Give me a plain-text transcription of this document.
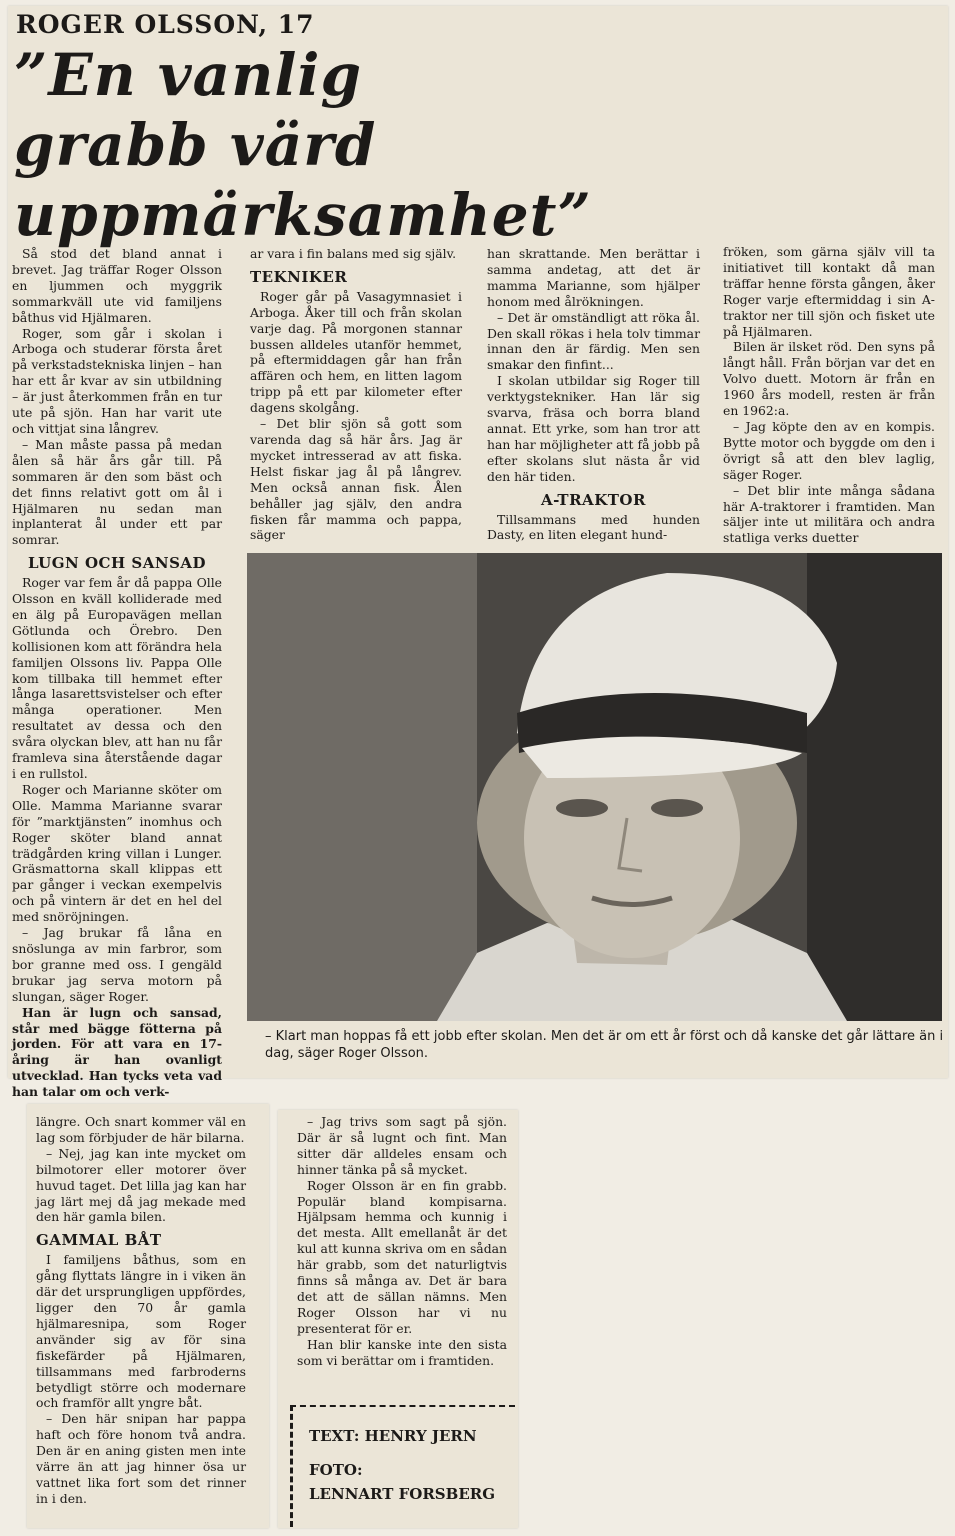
ROGER OLSSON, 17
”En vanlig
grabb värd
uppmärksamhet”

Så stod det bland annat i brevet. Jag träffar Roger Olsson en ljummen och myggrik sommarkväll ute vid familjens båthus vid Hjälmaren.

Roger, som går i skolan i Arboga och studerar första året på verkstadstekniska linjen – han har ett år kvar av sin utbildning – är just återkommen från en tur ute på sjön. Han har varit ute och vittjat sina långrev.

– Man måste passa på medan ålen så här års går till. På sommaren är den som bäst och det finns relativt gott om ål i Hjälmaren nu sedan man inplanterat ål under ett par somrar.

LUGN OCH SANSAD

Roger var fem år då pappa Olle Olsson en kväll kolliderade med en älg på Europavägen mellan Götlunda och Örebro. Den kollisionen kom att förändra hela familjen Olssons liv. Pappa Olle kom tillbaka till hemmet efter långa lasarettsvistelser och efter många operationer. Men resultatet av dessa och den svåra olyckan blev, att han nu får framleva sina återstående dagar i en rullstol.

Roger och Marianne sköter om Olle. Mamma Marianne svarar för ”marktjänsten” inomhus och Roger sköter bland annat trädgården kring villan i Lunger. Gräsmattorna skall klippas ett par gånger i veckan exempelvis och på vintern är det en hel del med snöröjningen.

– Jag brukar få låna en snöslunga av min farbror, som bor granne med oss. I gengäld brukar jag serva motorn på slungan, säger Roger.

Han är lugn och sansad, står med bägge fötterna på jorden. För att vara en 17-åring är han ovanligt utvecklad. Han tycks veta vad han talar om och verk-

ar vara i fin balans med sig själv.

TEKNIKER

Roger går på Vasagymnasiet i Arboga. Åker till och från skolan varje dag. På morgonen stannar bussen alldeles utanför hemmet, på eftermiddagen går han från affären och hem, en litten lagom tripp på ett par kilometer efter dagens skolgång.

– Det blir sjön så gott som varenda dag så här års. Jag är mycket intresserad av att fiska. Helst fiskar jag ål på långrev. Men också annan fisk. Ålen behåller jag själv, den andra fisken får mamma och pappa, säger

han skrattande. Men berättar i samma andetag, att det är mamma Marianne, som hjälper honom med ålrökningen.

– Det är omständligt att röka ål. Den skall rökas i hela tolv timmar innan den är färdig. Men sen smakar den finfint...

I skolan utbildar sig Roger till verktygstekniker. Han lär sig svarva, fräsa och borra bland annat. Ett yrke, som han tror att han har möjligheter att få jobb på efter skolans slut nästa år vid den här tiden.

A-TRAKTOR

Tillsammans med hunden Dasty, en liten elegant hund-

fröken, som gärna själv vill ta initiativet till kontakt då man träffar henne första gången, åker Roger varje eftermiddag i sin A-traktor ner till sjön och fisket ute på Hjälmaren.

Bilen är ilsket röd. Den syns på långt håll. Från början var det en Volvo duett. Motorn är från en 1960 års modell, resten är från en 1962:a.

– Jag köpte den av en kompis. Bytte motor och byggde om den i övrigt så att den blev laglig, säger Roger.

– Det blir inte många sådana här A-traktorer i framtiden. Man säljer inte ut militära och andra statliga verks duetter

– Klart man hoppas få ett jobb efter skolan. Men det är om ett år först och då kanske det går lättare än i dag, säger Roger Olsson.

längre. Och snart kommer väl en lag som förbjuder de här bilarna.

– Nej, jag kan inte mycket om bilmotorer eller motorer över huvud taget. Det lilla jag kan har jag lärt mej då jag mekade med den här gamla bilen.

GAMMAL BÅT

I familjens båthus, som en gång flyttats längre in i viken än där det ursprungligen uppfördes, ligger den 70 år gamla hjälmaresnipa, som Roger använder sig av för sina fiskefärder på Hjälmaren, tillsammans med farbroderns betydligt större och modernare och framför allt yngre båt.

– Den här snipan har pappa haft och före honom två andra. Den är en aning gisten men inte värre än att jag hinner ösa ur vattnet lika fort som det rinner in i den.

– Jag trivs som sagt på sjön. Där är så lugnt och fint. Man sitter där alldeles ensam och hinner tänka på så mycket.

Roger Olsson är en fin grabb. Populär bland kompisarna. Hjälpsam hemma och kunnig i det mesta. Allt emellanåt är det kul att kunna skriva om en sådan här grabb, som det naturligtvis finns så många av. Det är bara det att de sällan nämns. Men Roger Olsson har vi nu presenterat för er.

Han blir kanske inte den sista som vi berättar om i framtiden.

TEXT: HENRY JERN
FOTO:
LENNART FORSBERG
